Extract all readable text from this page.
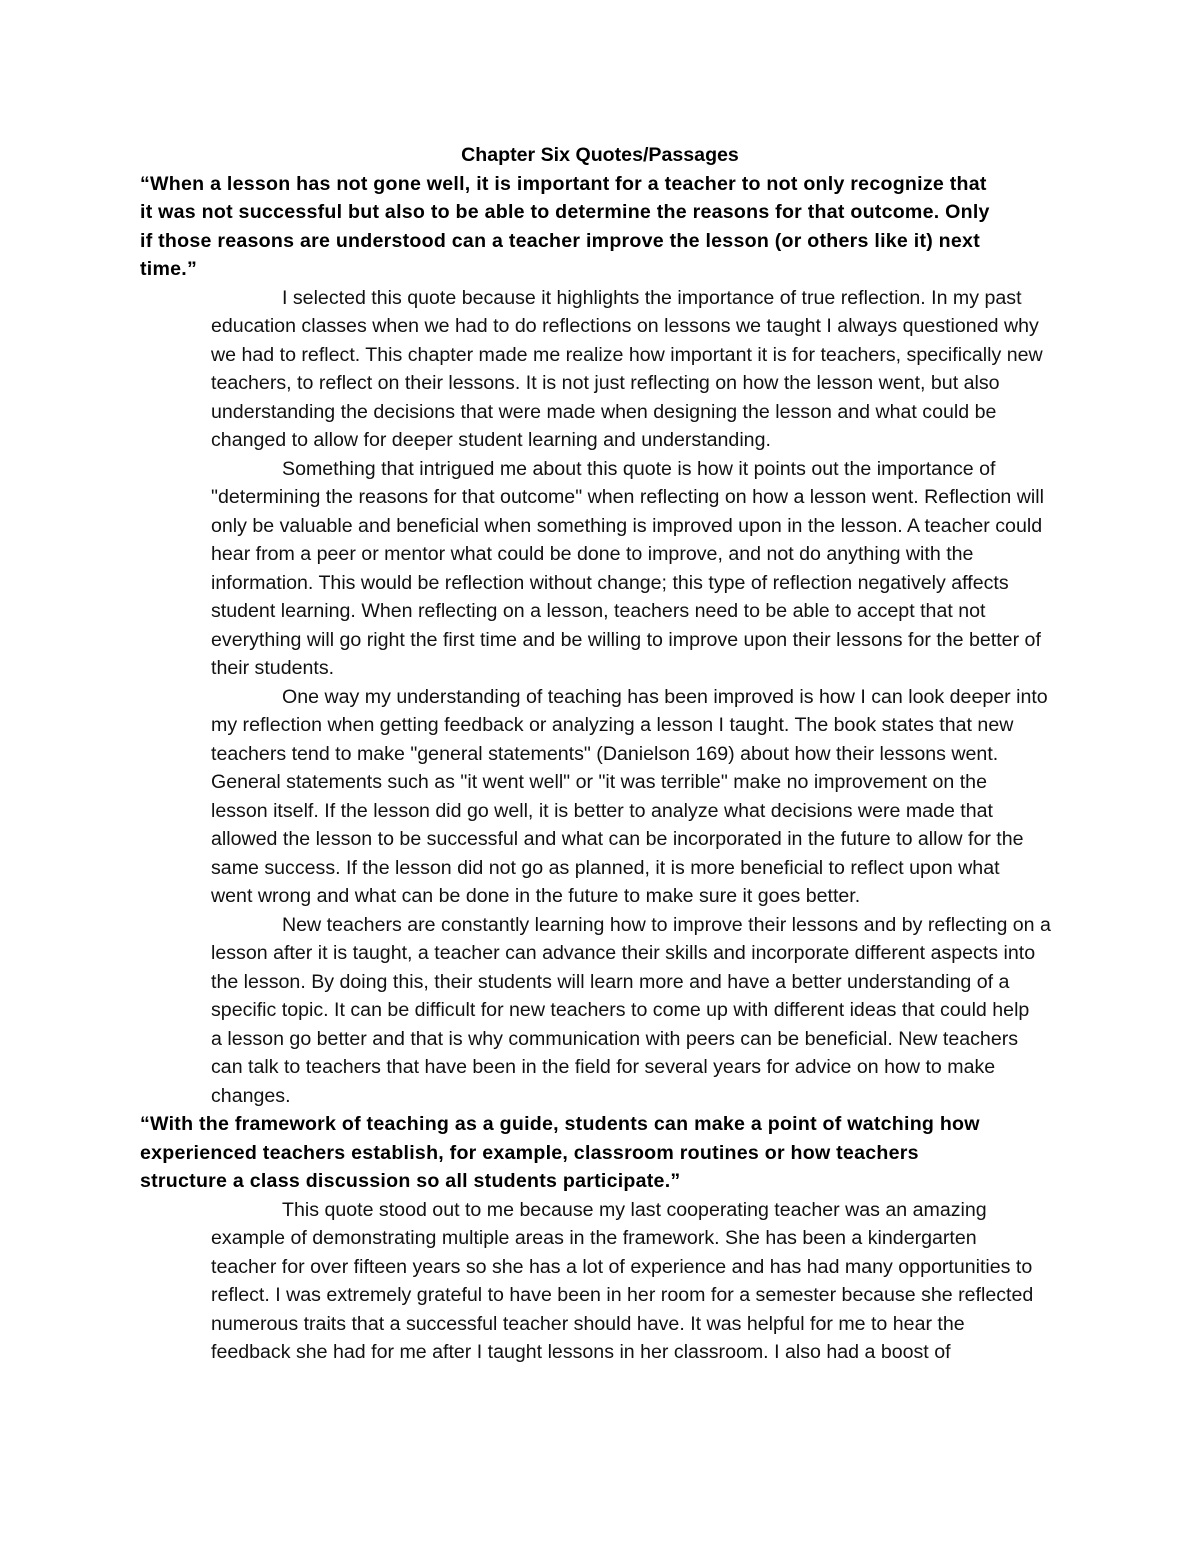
Chapter Six Quotes/Passages

“When a lesson has not gone well, it is important for a teacher to not only recognize that
it was not successful but also to be able to determine the reasons for that outcome. Only
if those reasons are understood can a teacher improve the lesson (or others like it) next
time.”
I selected this quote because it highlights the importance of true reflection. In my past
education classes when we had to do reflections on lessons we taught I always questioned why
we had to reflect. This chapter made me realize how important it is for teachers, specifically new
teachers, to reflect on their lessons. It is not just reflecting on how the lesson went, but also
understanding the decisions that were made when designing the lesson and what could be
changed to allow for deeper student learning and understanding.
Something that intrigued me about this quote is how it points out the importance of
"determining the reasons for that outcome" when reflecting on how a lesson went. Reflection will
only be valuable and beneficial when something is improved upon in the lesson. A teacher could
hear from a peer or mentor what could be done to improve, and not do anything with the
information. This would be reflection without change; this type of reflection negatively affects
student learning. When reflecting on a lesson, teachers need to be able to accept that not
everything will go right the first time and be willing to improve upon their lessons for the better of
their students.
One way my understanding of teaching has been improved is how I can look deeper into
my reflection when getting feedback or analyzing a lesson I taught. The book states that new
teachers tend to make "general statements" (Danielson 169) about how their lessons went.
General statements such as "it went well" or "it was terrible" make no improvement on the
lesson itself. If the lesson did go well, it is better to analyze what decisions were made that
allowed the lesson to be successful and what can be incorporated in the future to allow for the
same success. If the lesson did not go as planned, it is more beneficial to reflect upon what
went wrong and what can be done in the future to make sure it goes better.
New teachers are constantly learning how to improve their lessons and by reflecting on a
lesson after it is taught, a teacher can advance their skills and incorporate different aspects into
the lesson. By doing this, their students will learn more and have a better understanding of a
specific topic. It can be difficult for new teachers to come up with different ideas that could help
a lesson go better and that is why communication with peers can be beneficial. New teachers
can talk to teachers that have been in the field for several years for advice on how to make
changes.
“With the framework of teaching as a guide, students can make a point of watching how
experienced teachers establish, for example, classroom routines or how teachers
structure a class discussion so all students participate.”
This quote stood out to me because my last cooperating teacher was an amazing
example of demonstrating multiple areas in the framework. She has been a kindergarten
teacher for over fifteen years so she has a lot of experience and has had many opportunities to
reflect. I was extremely grateful to have been in her room for a semester because she reflected
numerous traits that a successful teacher should have. It was helpful for me to hear the
feedback she had for me after I taught lessons in her classroom. I also had a boost of
